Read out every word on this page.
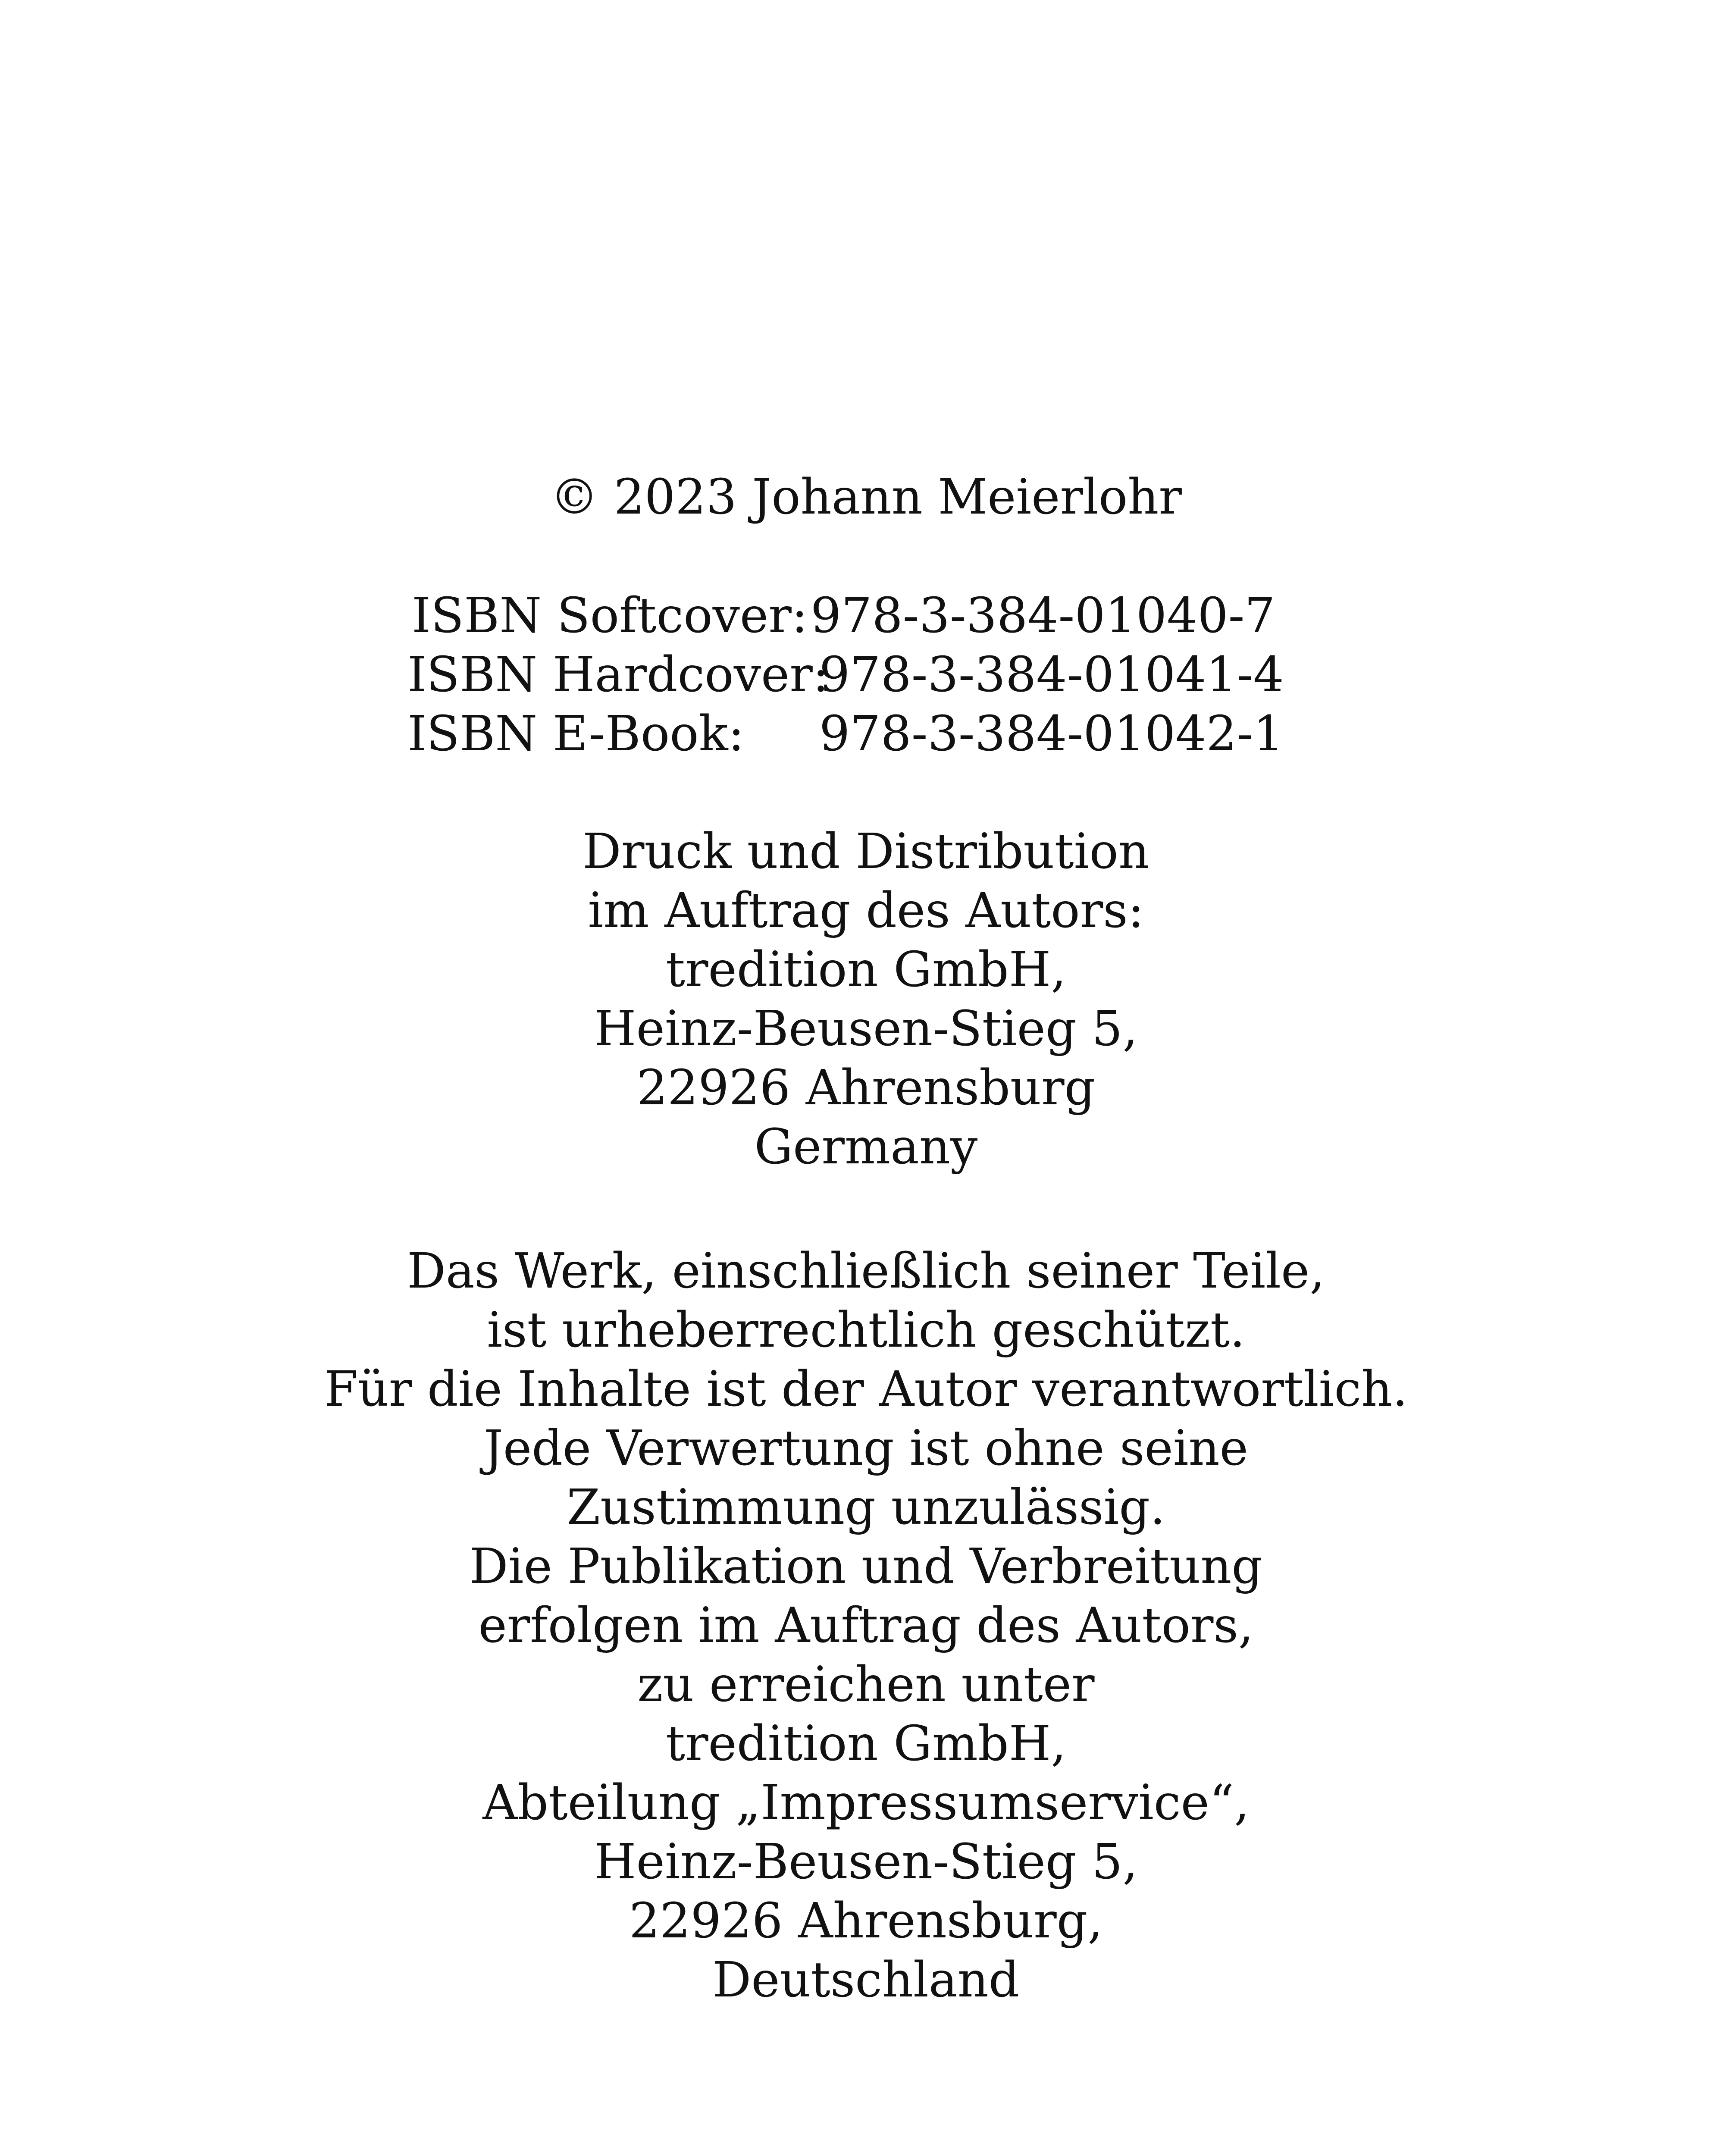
© 2023 Johann Meierlohr
ISBN Softcover: 978-3-384-01040-7
ISBN Hardcover:
978-3-384-01041-4
ISBN E-Book: 978-3-384-01042-1
Druck und Distribution
im Auftrag des Autors:
tredition GmbH,
Heinz-Beusen-Stieg 5,
22926 Ahrensburg
Germany
Das Werk, einschließlich seiner Teile,
ist urheberrechtlich geschützt.
Für die Inhalte ist der Autor verantwortlich.
Jede Verwertung ist ohne seine
Zustimmung unzulässig.
Die Publikation und Verbreitung
erfolgen im Auftrag des Autors,
zu erreichen unter
tredition GmbH,
Abteilung „Impressumservice“,
Heinz-Beusen-Stieg 5,
22926 Ahrensburg,
Deutschland
